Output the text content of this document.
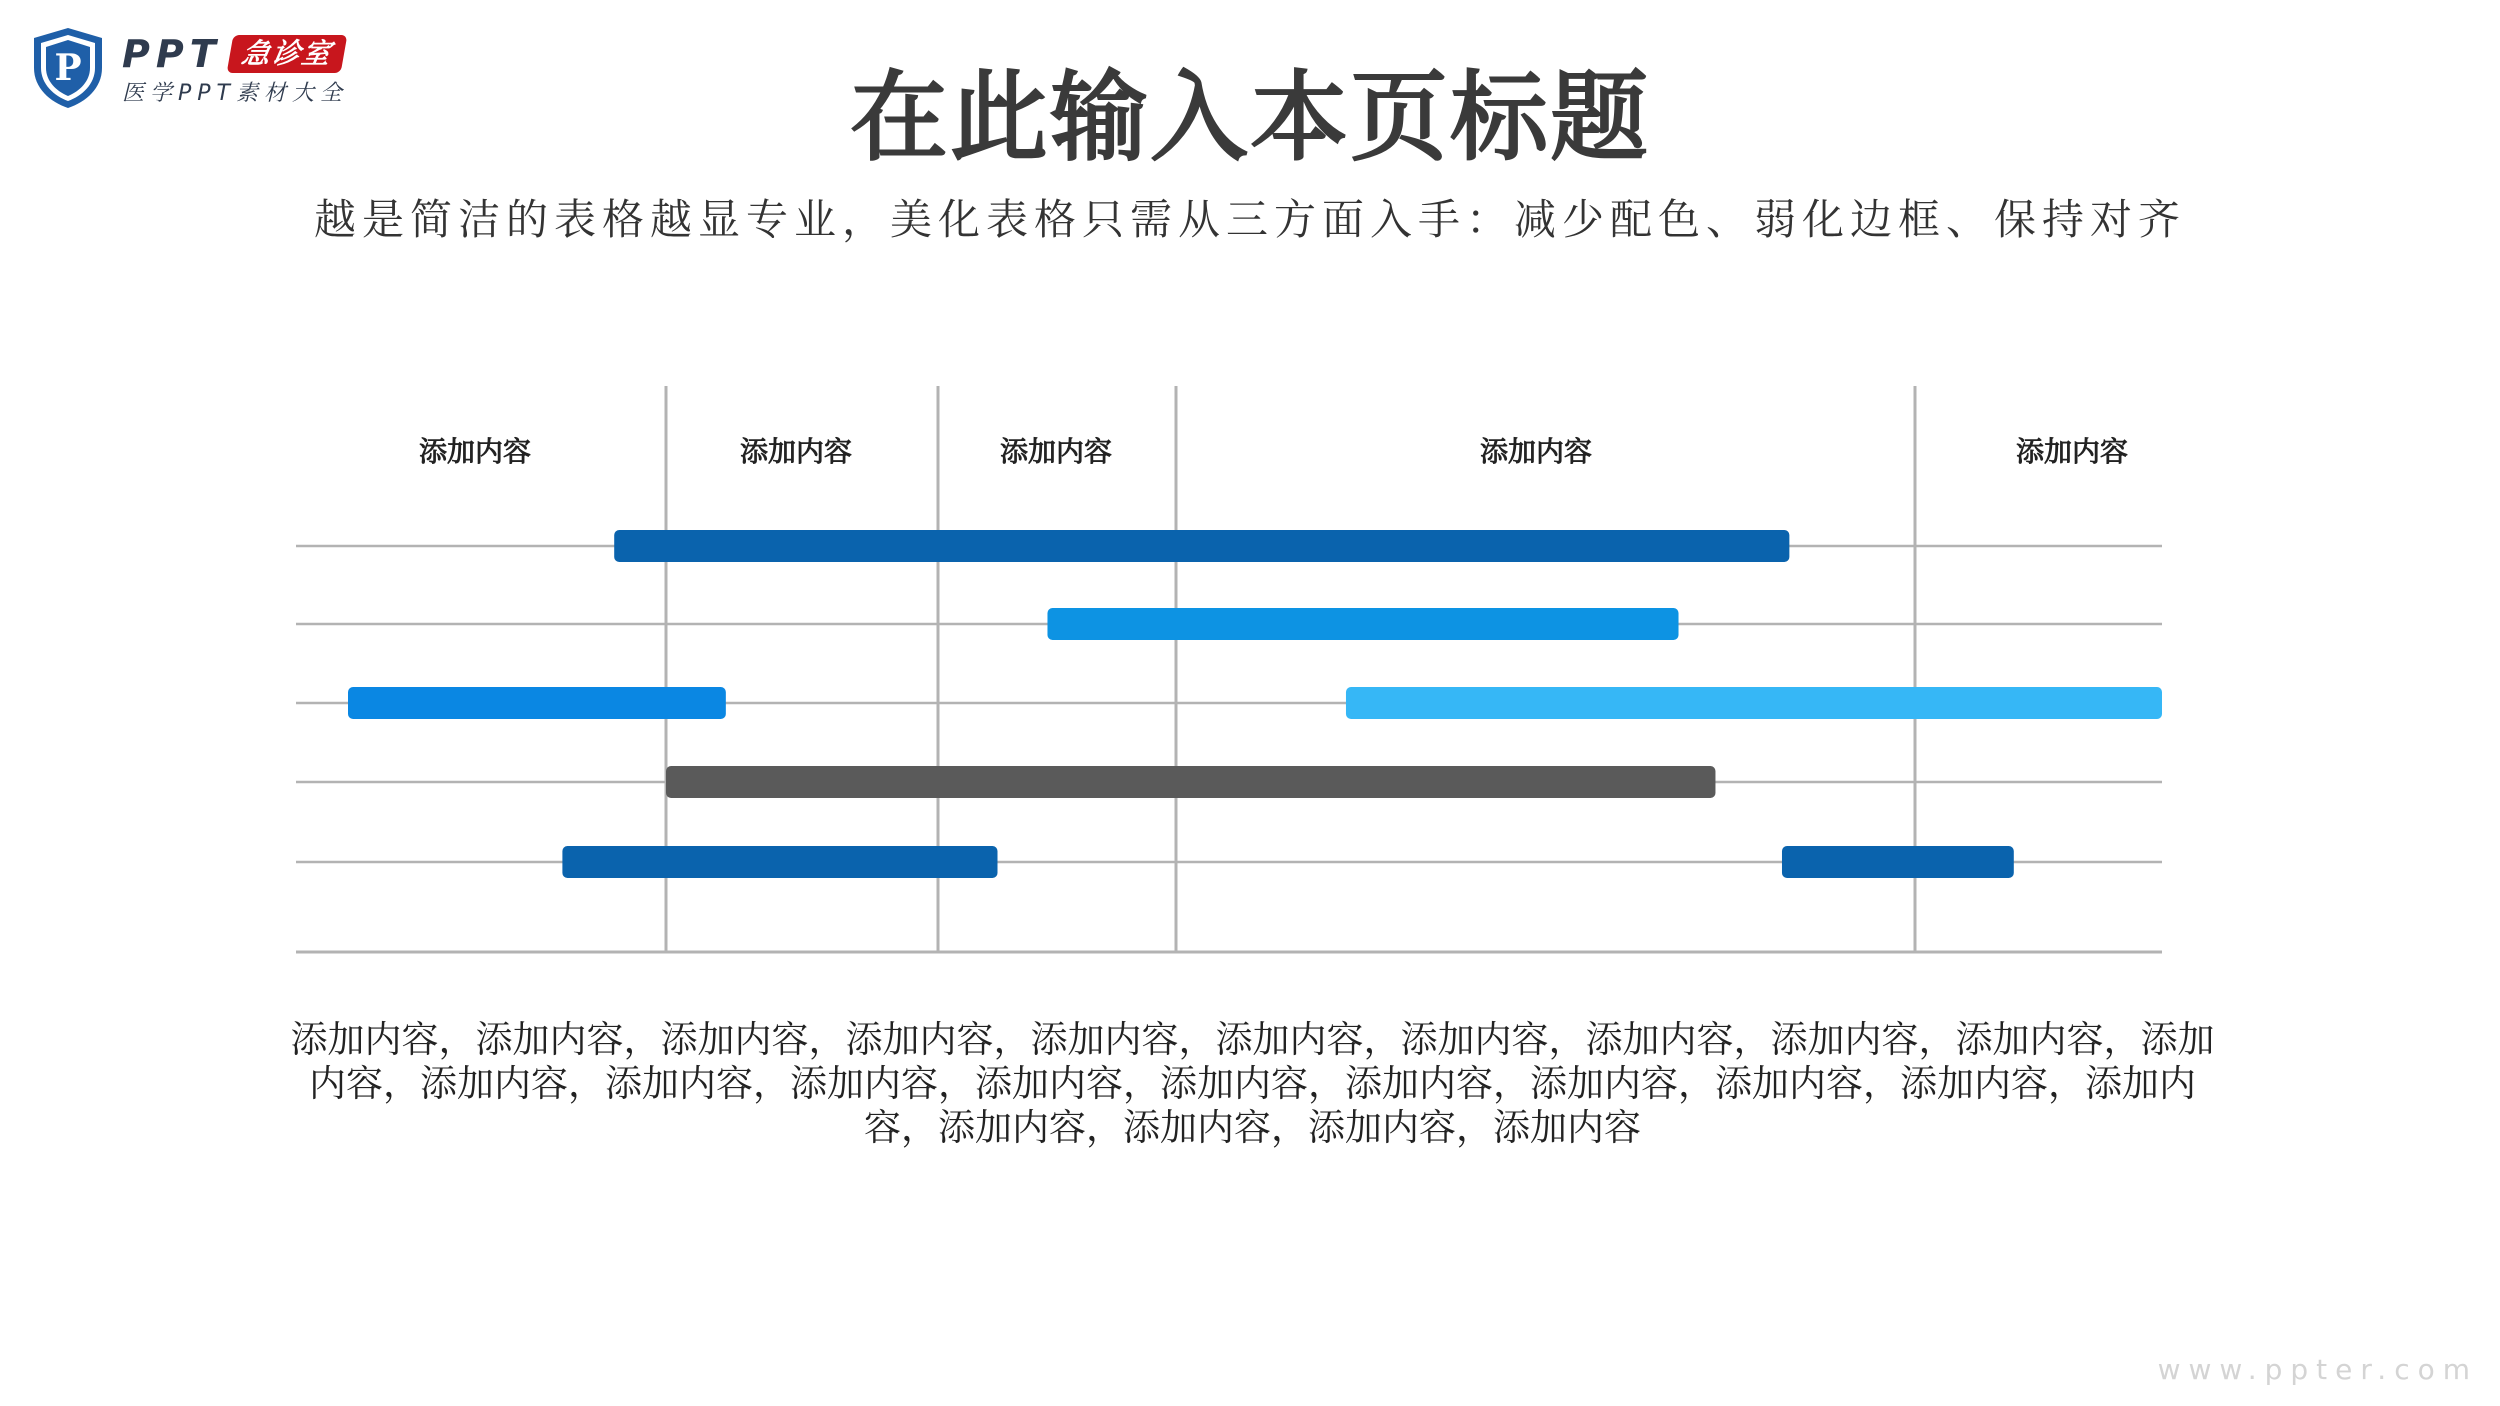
P PPT 急诊室
医学PPT素材大全	在此输入本页标题
越是简洁的表格越显专业，美化表格只需从三方面入手：减少配色、弱化边框、保持对齐
添加内容	添加内容	添加内容	添加内容	添加内容
添加内容，添加内容，添加内容，添加内容，添加内容，添加内容，添加内容，添加内容，添加内容，添加内容，添加内容，添加内容，添加内容，添加内容，添加内容，添加内容，添加内容，添加内容，添加内容，添加内容，添加内容，添加内容，添加内容，添加内容，添加内容
www.ppter.com
